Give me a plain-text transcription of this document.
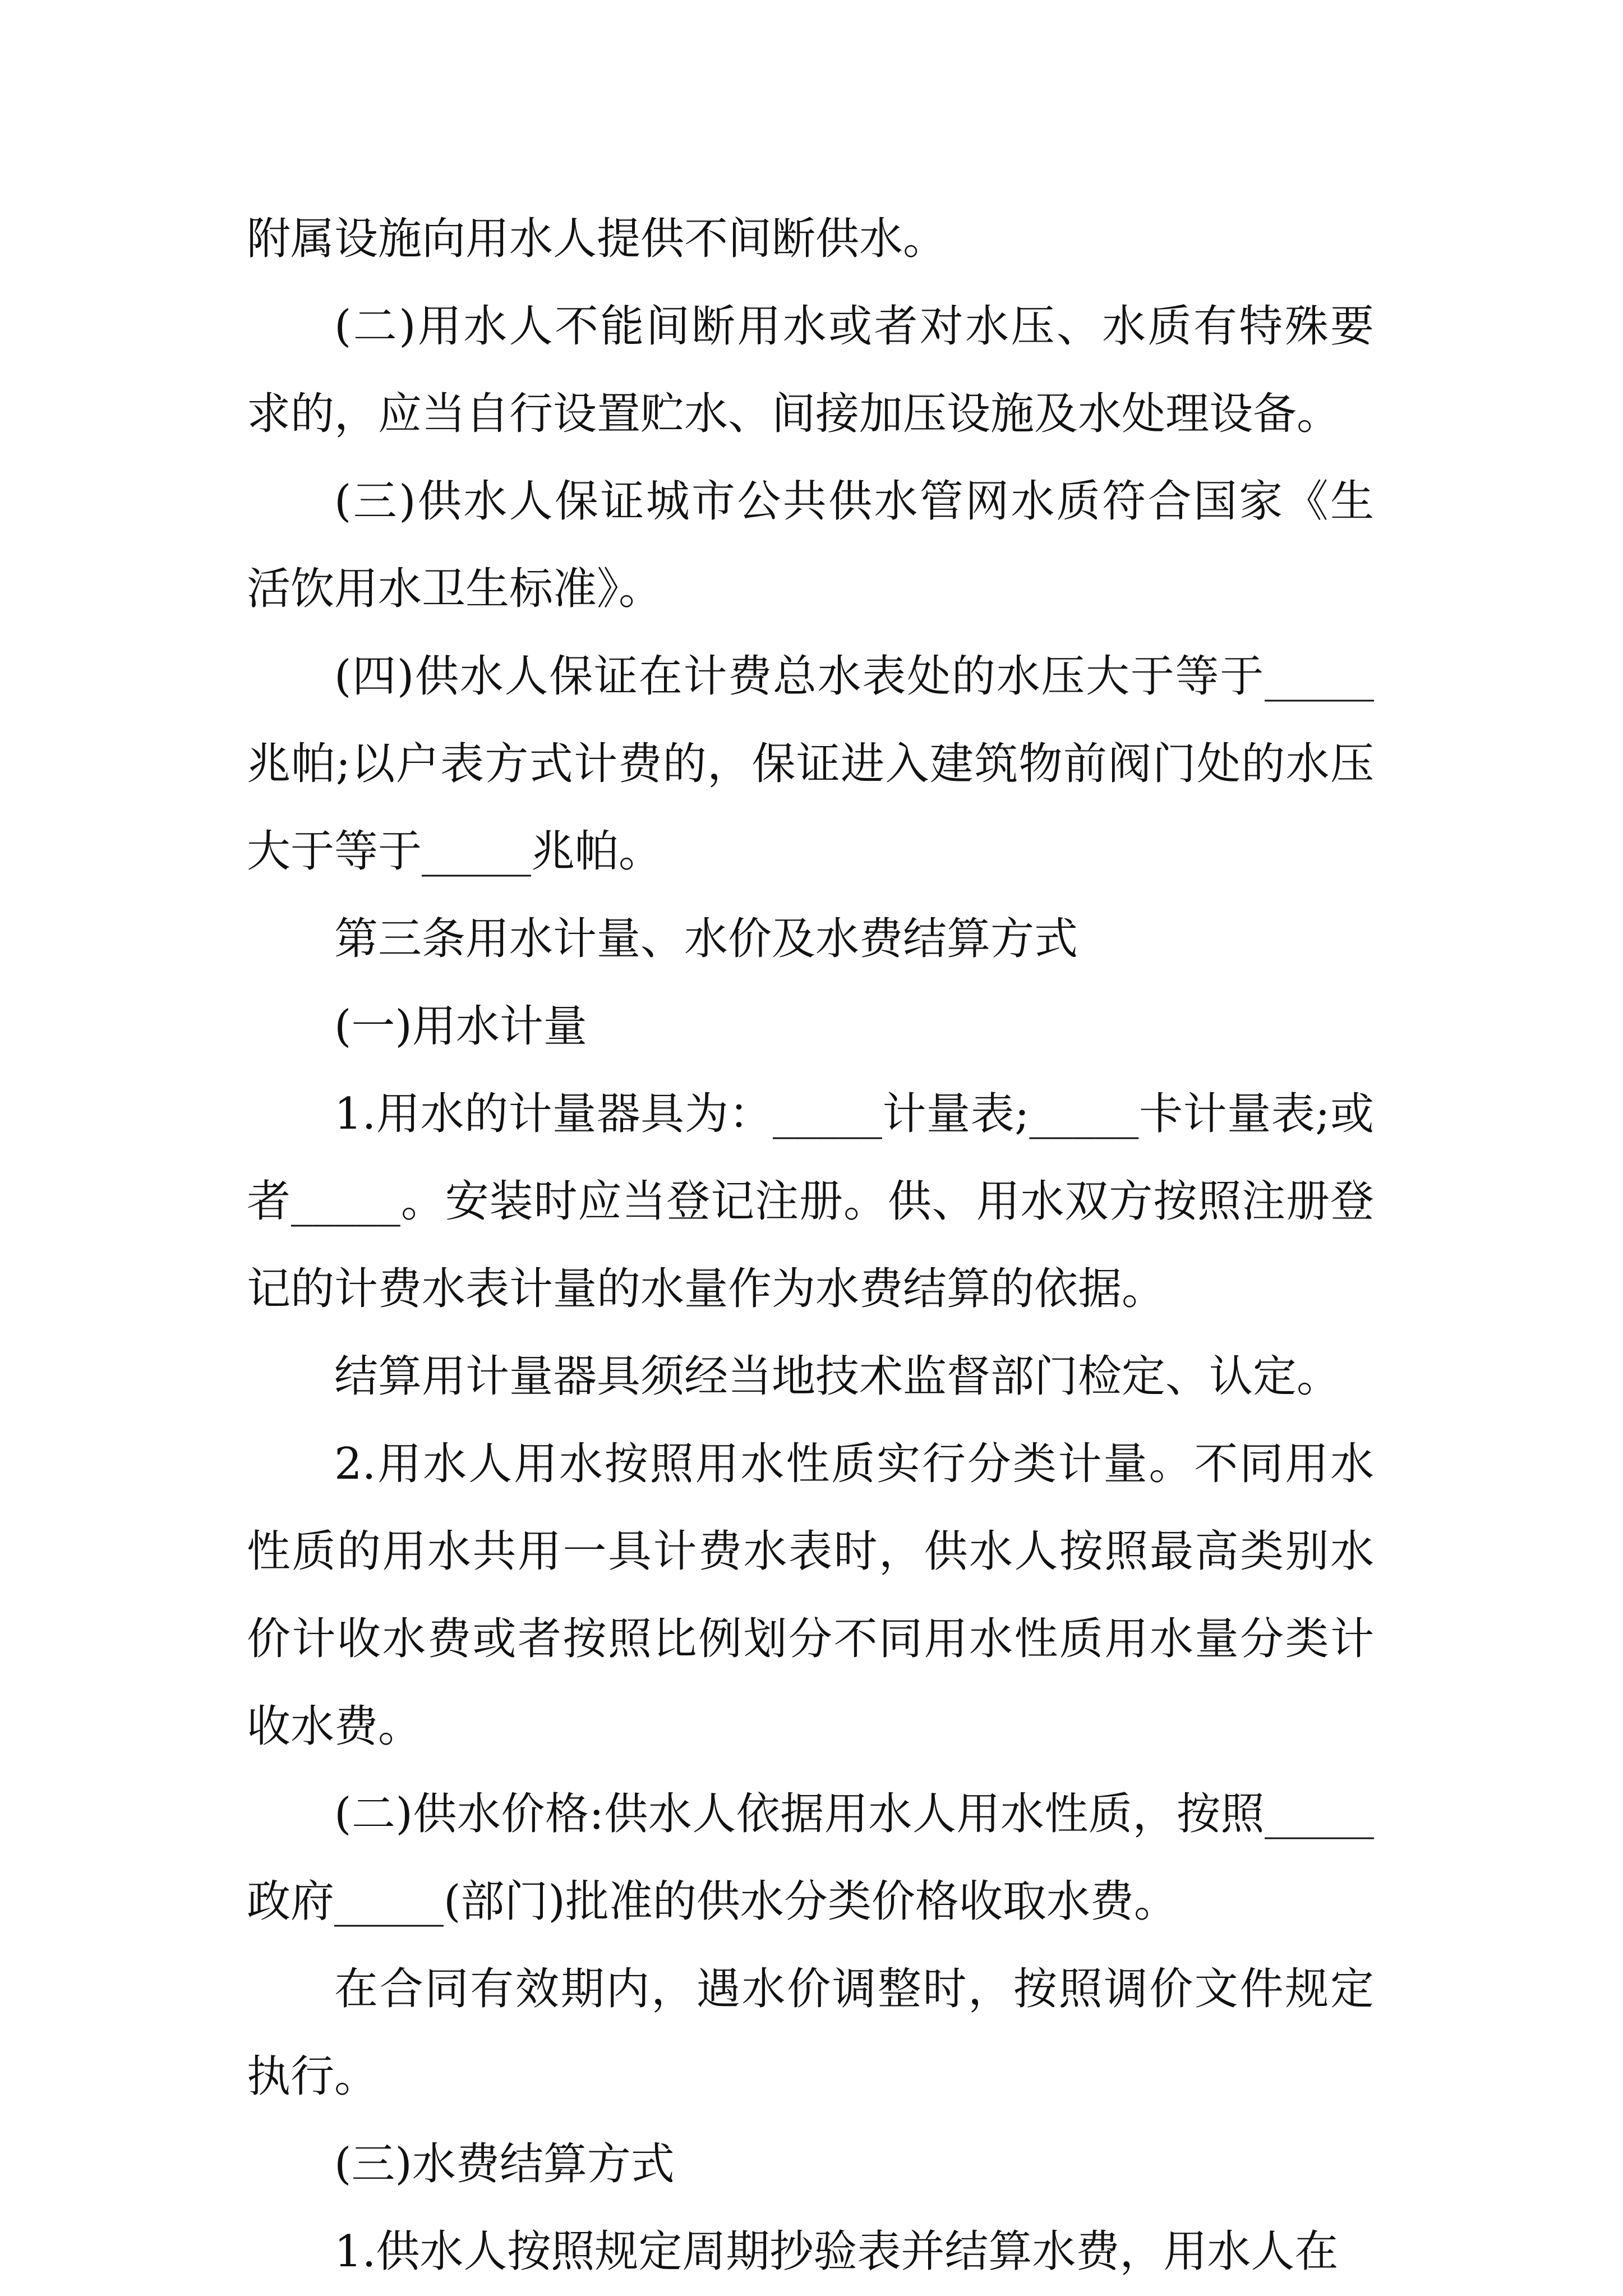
附属设施向用水人提供不间断供水。

(二)用水人不能间断用水或者对水压、水质有特殊要求的，应当自行设置贮水、间接加压设施及水处理设备。

(三)供水人保证城市公共供水管网水质符合国家《生活饮用水卫生标准》。

(四)供水人保证在计费总水表处的水压大于等于_____兆帕;以户表方式计费的，保证进入建筑物前阀门处的水压大于等于_____兆帕。

第三条用水计量、水价及水费结算方式

(一)用水计量

1.用水的计量器具为：_____计量表;_____卡计量表;或者_____。安装时应当登记注册。供、用水双方按照注册登记的计费水表计量的水量作为水费结算的依据。

结算用计量器具须经当地技术监督部门检定、认定。

2.用水人用水按照用水性质实行分类计量。不同用水性质的用水共用一具计费水表时，供水人按照最高类别水价计收水费或者按照比例划分不同用水性质用水量分类计收水费。

(二)供水价格:供水人依据用水人用水性质，按照_____政府_____(部门)批准的供水分类价格收取水费。

在合同有效期内，遇水价调整时，按照调价文件规定执行。

(三)水费结算方式

1.供水人按照规定周期抄验表并结算水费，用水人在
